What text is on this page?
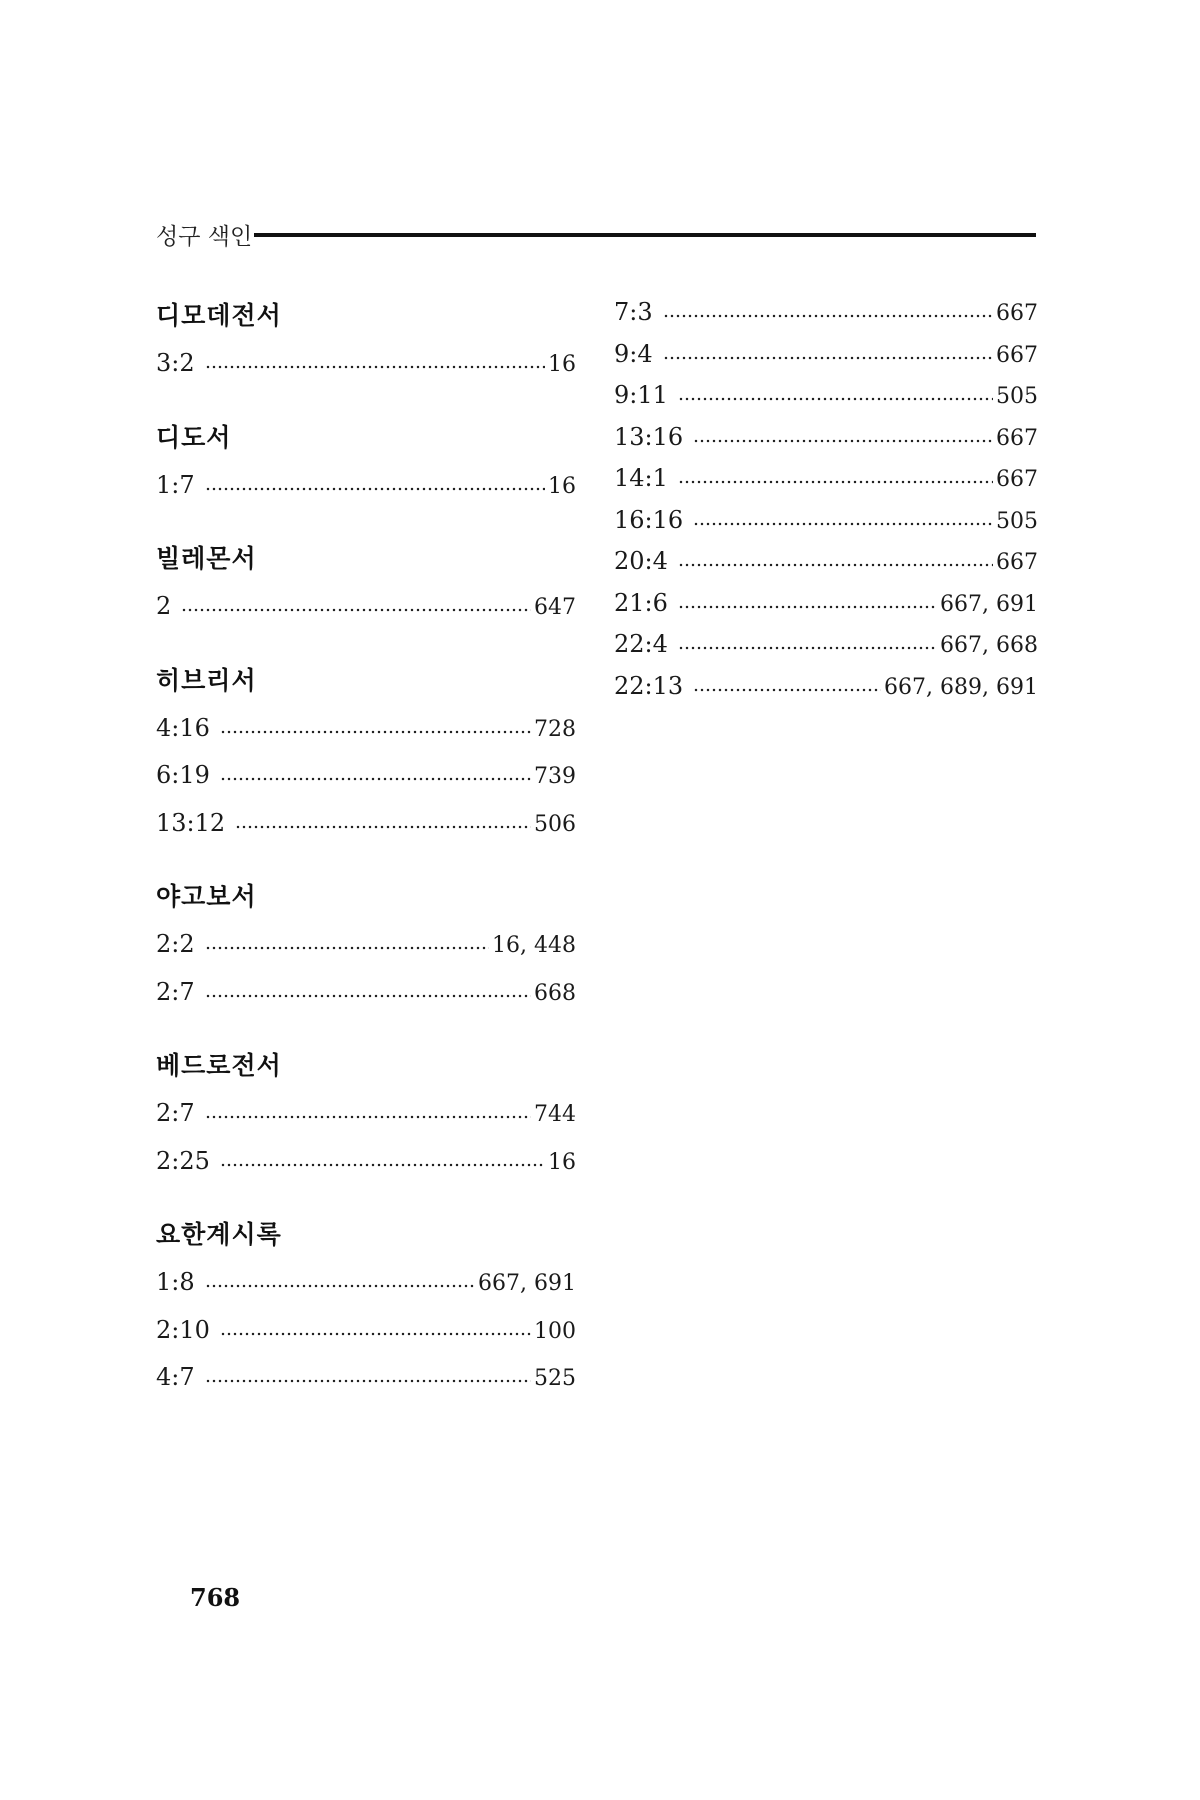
성구 색인
디모데전서
3:2	16
디도서
1:7	16
빌레몬서
2	647
히브리서
4:16	728
6:19	739
13:12	506
야고보서
2:2	16, 448
2:7	668
베드로전서
2:7	744
2:25	16
요한계시록
1:8	667, 691
2:10	100
4:7	525
7:3	667
9:4	667
9:11	505
13:16	667
14:1	667
16:16	505
20:4	667
21:6	667, 691
22:4	667, 668
22:13	667, 689, 691
768
